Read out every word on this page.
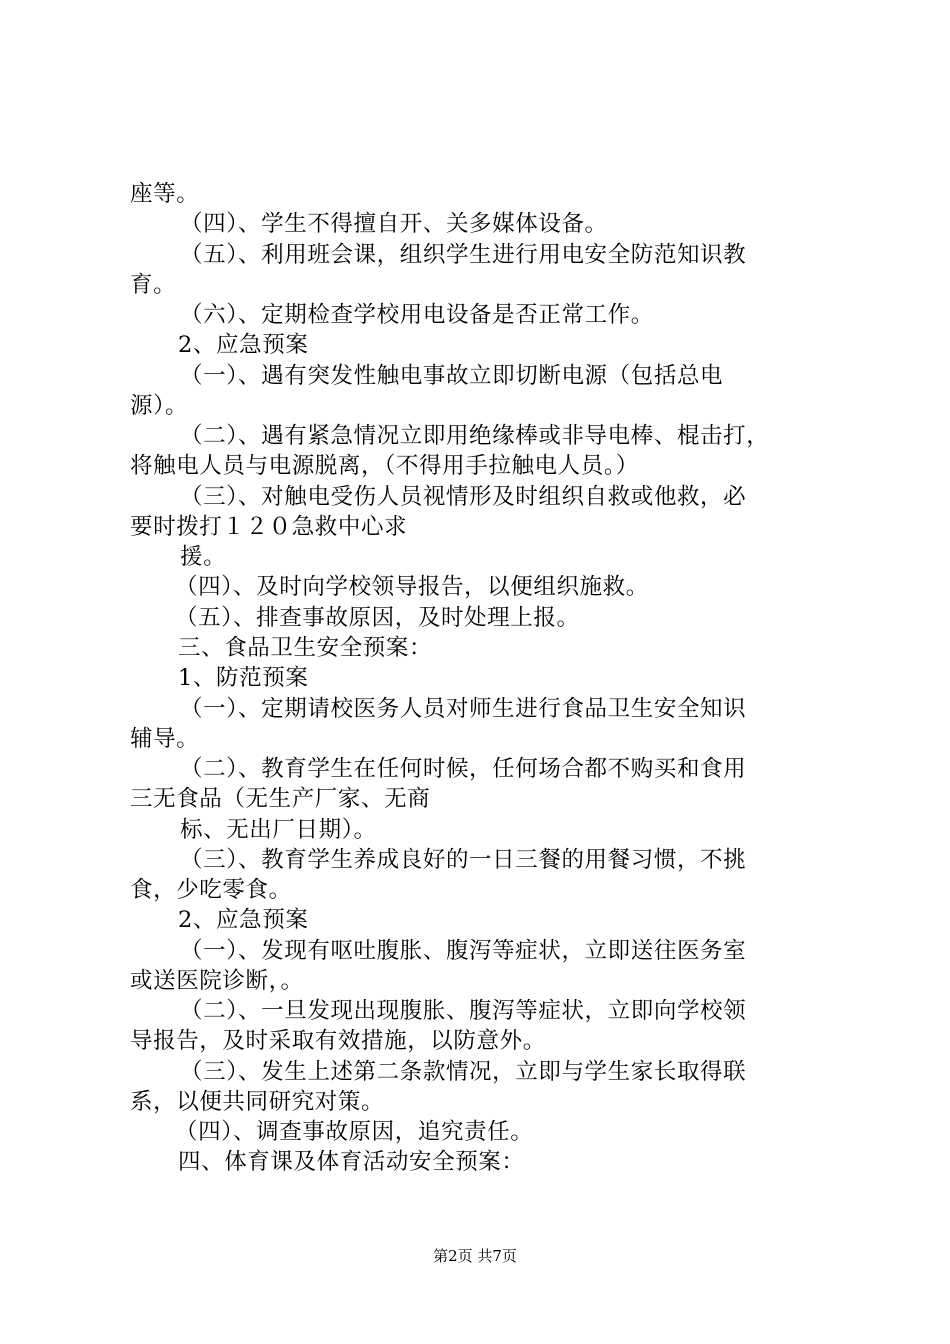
座等。
（四）、学生不得擅自开、关多媒体设备。
（五）、利用班会课，组织学生进行用电安全防范知识教
育。
（六）、定期检查学校用电设备是否正常工作。
2、应急预案
（一）、遇有突发性触电事故立即切断电源（包括总电
源）。
（二）、遇有紧急情况立即用绝缘棒或非导电棒、棍击打，
将触电人员与电源脱离，（不得用手拉触电人员。）
（三）、对触电受伤人员视情形及时组织自救或他救，必
要时拨打１２０急救中心求
援。
（四）、及时向学校领导报告，以便组织施救。
（五）、排查事故原因，及时处理上报。
三、食品卫生安全预案：
1、防范预案
（一）、定期请校医务人员对师生进行食品卫生安全知识
辅导。
（二）、教育学生在任何时候，任何场合都不购买和食用
三无食品（无生产厂家、无商
标、无出厂日期）。
（三）、教育学生养成良好的一日三餐的用餐习惯，不挑
食，少吃零食。
2、应急预案
（一）、发现有呕吐腹胀、腹泻等症状，立即送往医务室
或送医院诊断，。
（二）、一旦发现出现腹胀、腹泻等症状，立即向学校领
导报告，及时采取有效措施，以防意外。
（三）、发生上述第二条款情况，立即与学生家长取得联
系，以便共同研究对策。
（四）、调查事故原因，追究责任。
四、体育课及体育活动安全预案：
第2页 共7页
